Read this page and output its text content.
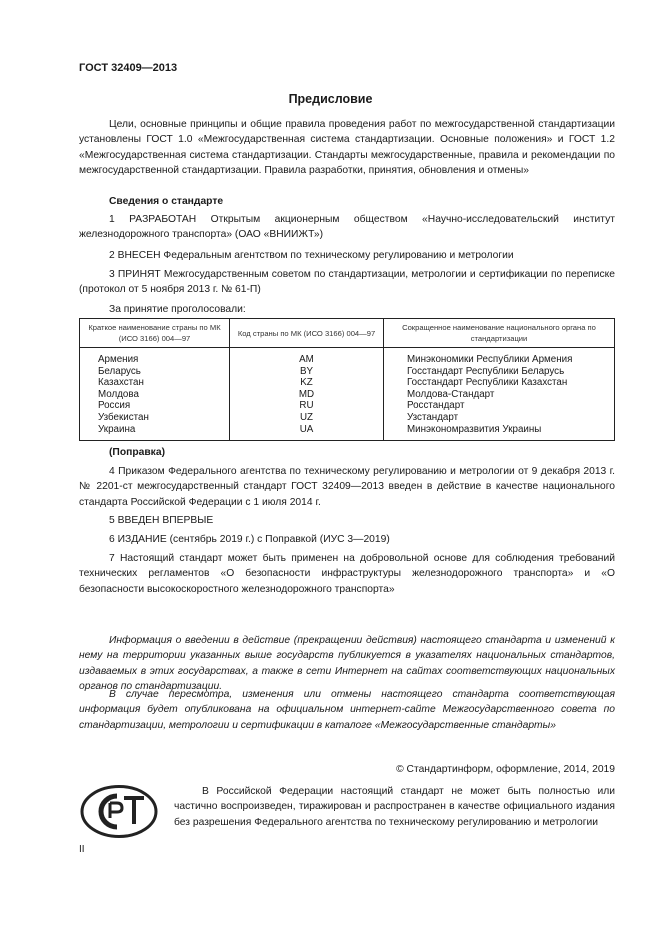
ГОСТ 32409—2013
Предисловие
Цели, основные принципы и общие правила проведения работ по межгосударственной стандартизации установлены ГОСТ 1.0 «Межгосударственная система стандартизации. Основные положения» и ГОСТ 1.2 «Межгосударственная система стандартизации. Стандарты межгосударственные, правила и рекомендации по межгосударственной стандартизации. Правила разработки, принятия, обновления и отмены»
Сведения о стандарте
1 РАЗРАБОТАН Открытым акционерным обществом «Научно-исследовательский институт железнодорожного транспорта» (ОАО «ВНИИЖТ»)
2 ВНЕСЕН Федеральным агентством по техническому регулированию и метрологии
3 ПРИНЯТ Межгосударственным советом по стандартизации, метрологии и сертификации по переписке (протокол от 5 ноября 2013 г. № 61-П)
За принятие проголосовали:
Краткое наименование страны по МК (ИСО 3166) 004—97	Код страны по МК (ИСО 3166) 004—97	Сокращенное наименование национального органа по стандартизации
Армения	AM	Минэкономики Республики Армения
Беларусь	BY	Госстандарт Республики Беларусь
Казахстан	KZ	Госстандарт Республики Казахстан
Молдова	MD	Молдова-Стандарт
Россия	RU	Росстандарт
Узбекистан	UZ	Узстандарт
Украина	UA	Минэкономразвития Украины
(Поправка)
4 Приказом Федерального агентства по техническому регулированию и метрологии от 9 декабря 2013 г. № 2201-ст межгосударственный стандарт ГОСТ 32409—2013 введен в действие в качестве национального стандарта Российской Федерации с 1 июля 2014 г.
5 ВВЕДЕН ВПЕРВЫЕ
6 ИЗДАНИЕ (сентябрь 2019 г.) с Поправкой (ИУС 3—2019)
7 Настоящий стандарт может быть применен на добровольной основе для соблюдения требований технических регламентов «О безопасности инфраструктуры железнодорожного транспорта» и «О безопасности высокоскоростного железнодорожного транспорта»
Информация о введении в действие (прекращении действия) настоящего стандарта и изменений к нему на территории указанных выше государств публикуется в указателях национальных стандартов, издаваемых в этих государствах, а также в сети Интернет на сайтах соответствующих национальных органов по стандартизации.
В случае пересмотра, изменения или отмены настоящего стандарта соответствующая информация будет опубликована на официальном интернет-сайте Межгосударственного совета по стандартизации, метрологии и сертификации в каталоге «Межгосударственные стандарты»
© Стандартинформ, оформление, 2014, 2019
В Российской Федерации настоящий стандарт не может быть полностью или частично воспроизведен, тиражирован и распространен в качестве официального издания без разрешения Федерального агентства по техническому регулированию и метрологии
II
